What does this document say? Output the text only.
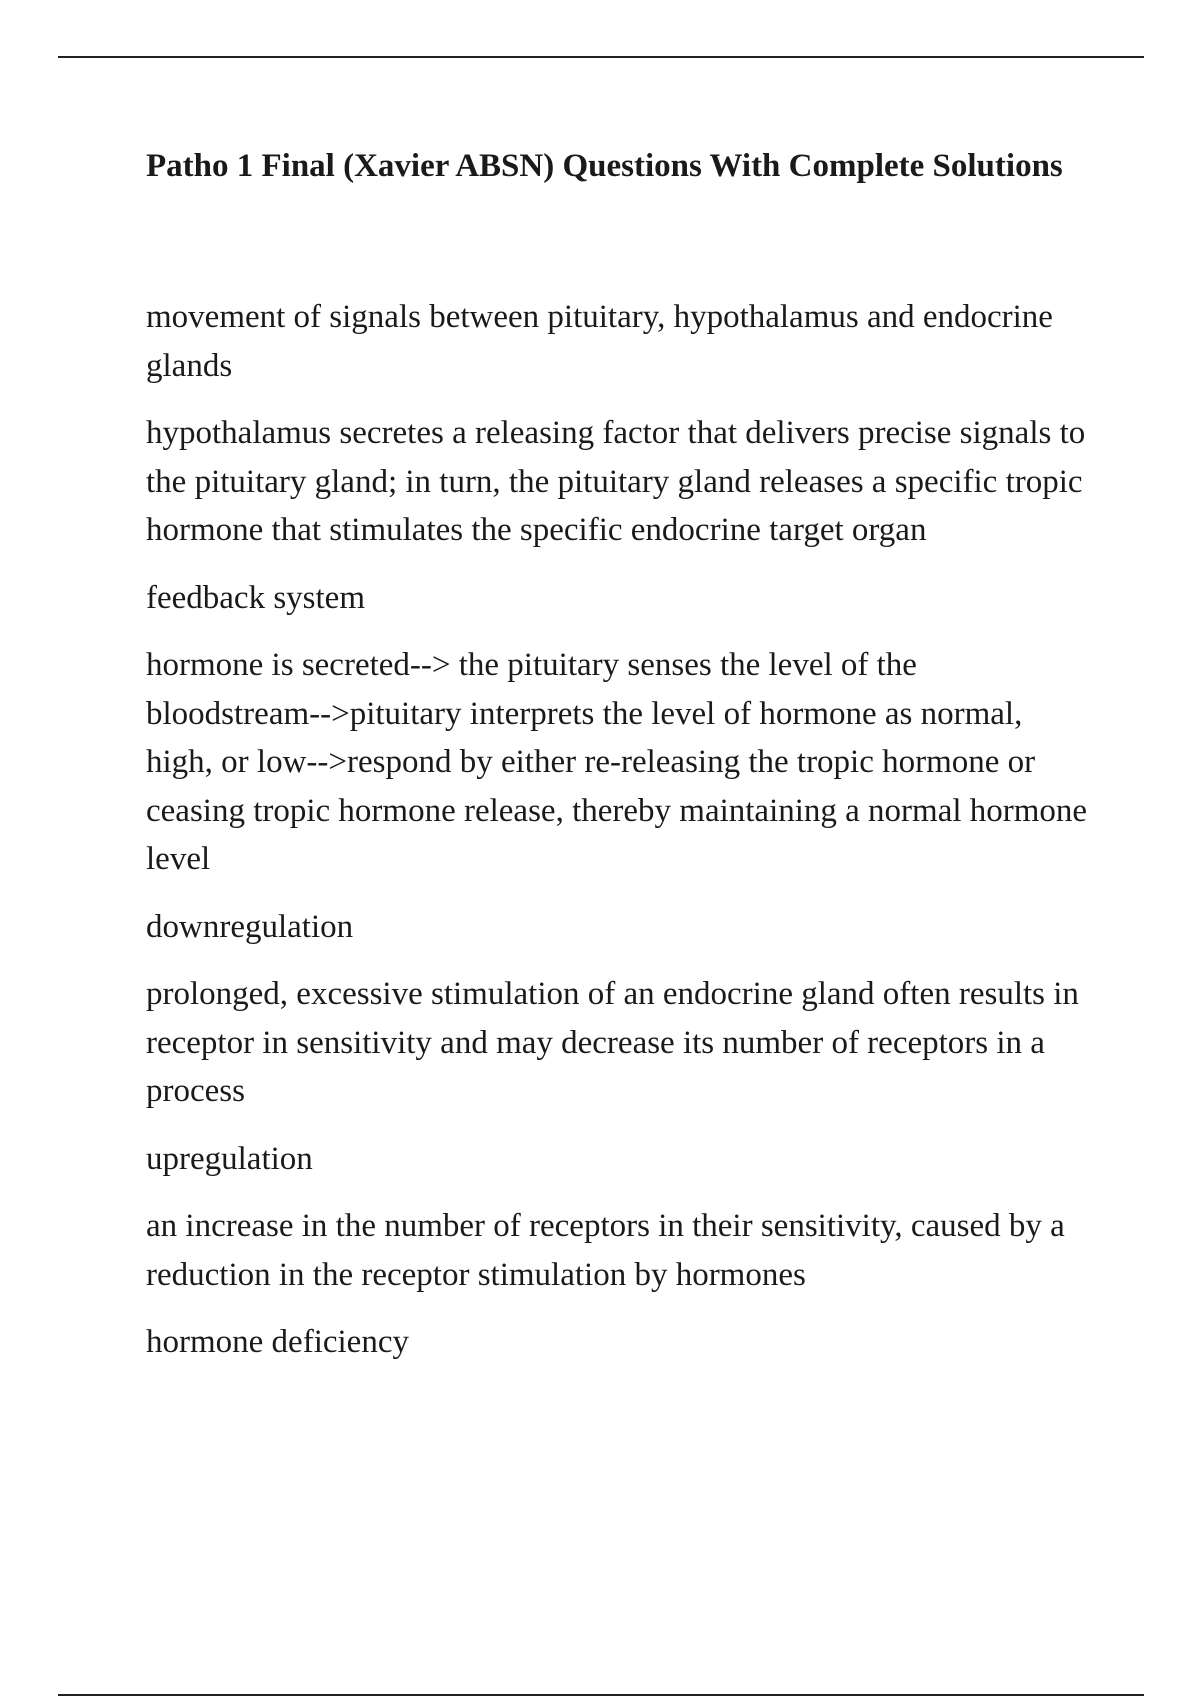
Patho 1 Final (Xavier ABSN) Questions With Complete Solutions
movement of signals between pituitary, hypothalamus and endocrine glands
hypothalamus secretes a releasing factor that delivers precise signals to the pituitary gland; in turn, the pituitary gland releases a specific tropic hormone that stimulates the specific endocrine target organ
feedback system
hormone is secreted--> the pituitary senses the level of the bloodstream-->pituitary interprets the level of hormone as normal, high, or low-->respond by either re-releasing the tropic hormone or ceasing tropic hormone release, thereby maintaining a normal hormone level
downregulation
prolonged, excessive stimulation of an endocrine gland often results in receptor in sensitivity and may decrease its number of receptors in a process
upregulation
an increase in the number of receptors in their sensitivity, caused by a reduction in the receptor stimulation by hormones
hormone deficiency
